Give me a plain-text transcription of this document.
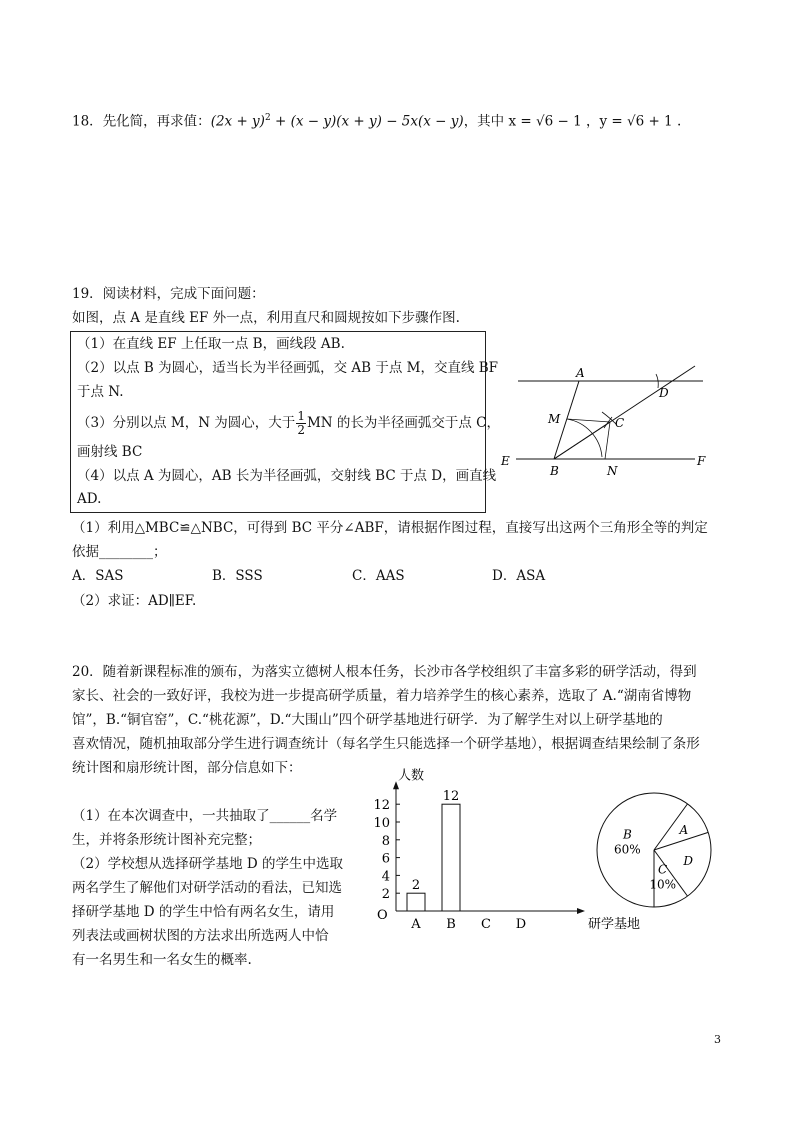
18．先化简，再求值：$(2x + y)^2 + (x - y)(x + y) - 5x(x - y)$，其中 x = √6 − 1 ，y = √6 + 1 .
19．阅读材料，完成下面问题：
如图，点 A 是直线 EF 外一点，利用直尺和圆规按如下步骤作图.
（1）在直线 EF 上任取一点 B，画线段 AB.
（2）以点 B 为圆心，适当长为半径画弧，交 AB 于点 M，交直线 BF
于点 N.
（3）分别以点 M，N 为圆心，大于 $\frac{1}{2}$ MN 的长为半径画弧交于点 C，
画射线 BC
（4）以点 A 为圆心，AB 长为半径画弧，交射线 BC 于点 D，画直线
AD.
A
D
M	C
E
B	N
F
（1）利用△MBC≌△NBC，可得到 BC 平分∠ABF，请根据作图过程，直接写出这两个三角形全等的判定
依据________；
A．SAS	B．SSS	C．AAS	D．ASA
（2）求证：AD∥EF.
20．随着新课程标准的颁布，为落实立德树人根本任务，长沙市各学校组织了丰富多彩的研学活动，得到
家长、社会的一致好评，我校为进一步提高研学质量，着力培养学生的核心素养，选取了 A.“湖南省博物
馆”，B.“铜官窑”，C.“桃花源”，D.“大围山”四个研学基地进行研学．为了解学生对以上研学基地的
喜欢情况，随机抽取部分学生进行调查统计（每名学生只能选择一个研学基地），根据调查结果绘制了条形
统计图和扇形统计图，部分信息如下：
（1）在本次调查中，一共抽取了______名学
生，并将条形统计图补充完整；
（2）学校想从选择研学基地 D 的学生中选取
两名学生了解他们对研学活动的看法，已知选
择研学基地 D 的学生中恰有两名女生，请用
列表法或画树状图的方法求出所选两人中恰
有一名男生和一名女生的概率.
人数
研学基地
O
2
4
6
8
10
12
A
2
B
12
C D
B
60%
A
D
C
10%
3
